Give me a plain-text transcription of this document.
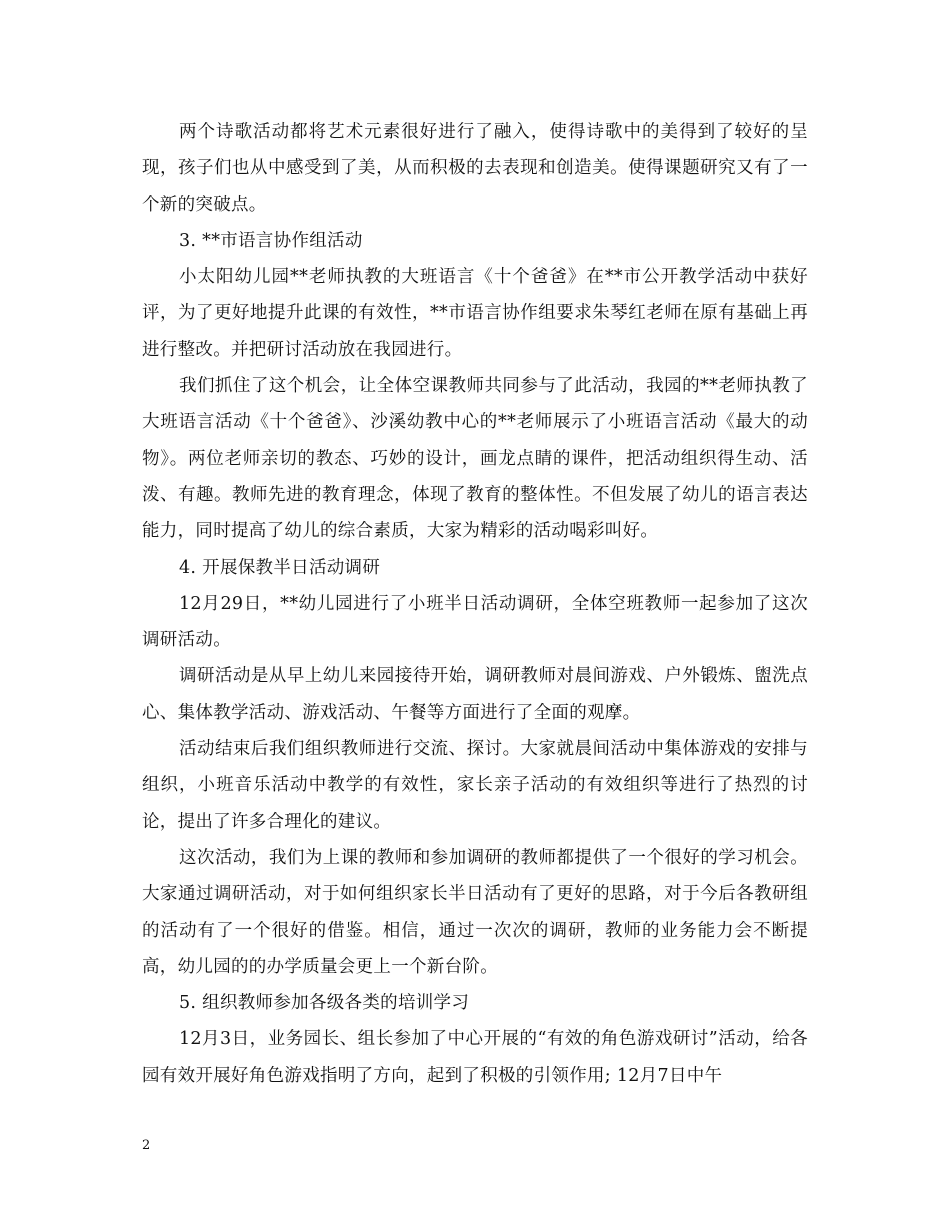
两个诗歌活动都将艺术元素很好进行了融入，使得诗歌中的美得到了较好的呈现，孩子们也从中感受到了美，从而积极的去表现和创造美。使得课题研究又有了一个新的突破点。

3. **市语言协作组活动

小太阳幼儿园**老师执教的大班语言《十个爸爸》在**市公开教学活动中获好评，为了更好地提升此课的有效性，**市语言协作组要求朱琴红老师在原有基础上再进行整改。并把研讨活动放在我园进行。

我们抓住了这个机会，让全体空课教师共同参与了此活动，我园的**老师执教了大班语言活动《十个爸爸》、沙溪幼教中心的**老师展示了小班语言活动《最大的动物》。两位老师亲切的教态、巧妙的设计，画龙点睛的课件，把活动组织得生动、活泼、有趣。教师先进的教育理念，体现了教育的整体性。不但发展了幼儿的语言表达能力，同时提高了幼儿的综合素质，大家为精彩的活动喝彩叫好。

4. 开展保教半日活动调研

12月29日，**幼儿园进行了小班半日活动调研，全体空班教师一起参加了这次调研活动。

调研活动是从早上幼儿来园接待开始，调研教师对晨间游戏、户外锻炼、盥洗点心、集体教学活动、游戏活动、午餐等方面进行了全面的观摩。

活动结束后我们组织教师进行交流、探讨。大家就晨间活动中集体游戏的安排与组织，小班音乐活动中教学的有效性，家长亲子活动的有效组织等进行了热烈的讨论，提出了许多合理化的建议。

这次活动，我们为上课的教师和参加调研的教师都提供了一个很好的学习机会。大家通过调研活动，对于如何组织家长半日活动有了更好的思路，对于今后各教研组的活动有了一个很好的借鉴。相信，通过一次次的调研，教师的业务能力会不断提高，幼儿园的的办学质量会更上一个新台阶。

5. 组织教师参加各级各类的培训学习

12月3日，业务园长、组长参加了中心开展的“有效的角色游戏研讨”活动，给各园有效开展好角色游戏指明了方向，起到了积极的引领作用; 12月7日中午

2
